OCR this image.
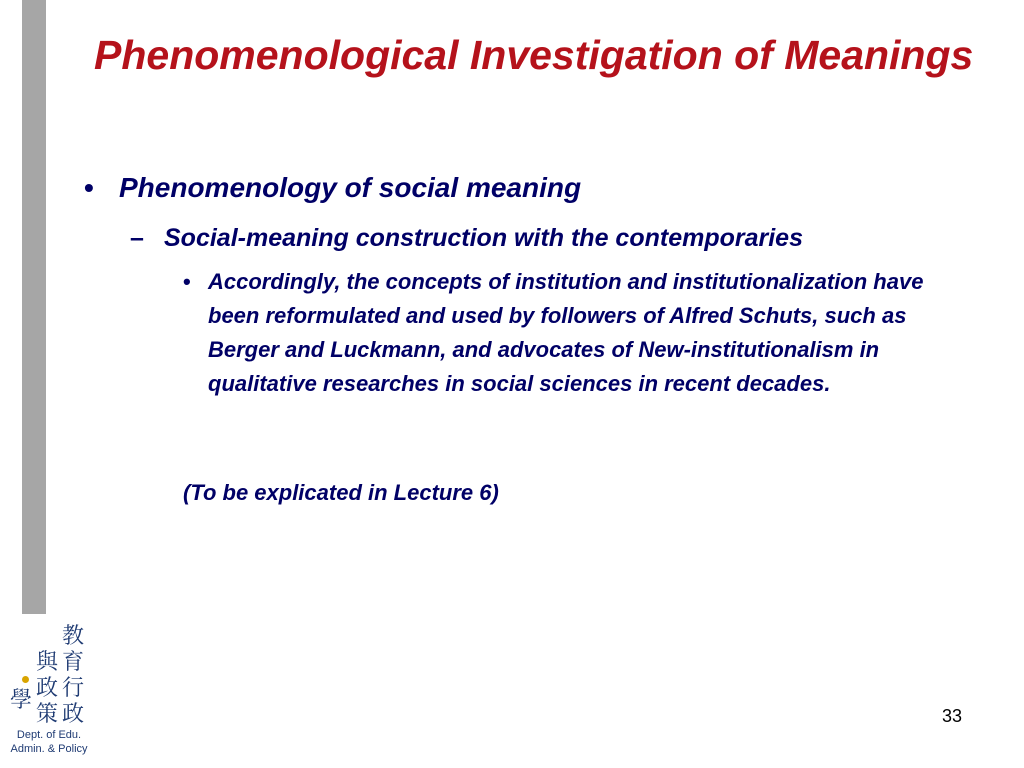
Phenomenological Investigation of Meanings
• Phenomenology of social meaning
– Social-meaning construction with the contemporaries
• Accordingly, the concepts of institution and institutionalization have been reformulated and used by followers of Alfred Schuts, such as Berger and Luckmann, and advocates of New-institutionalism in qualitative researches in social sciences in recent decades.
(To be explicated in Lecture 6)
教
育
與
政 行
學
策 政
Dept. of Edu.
Admin. & Policy
33
